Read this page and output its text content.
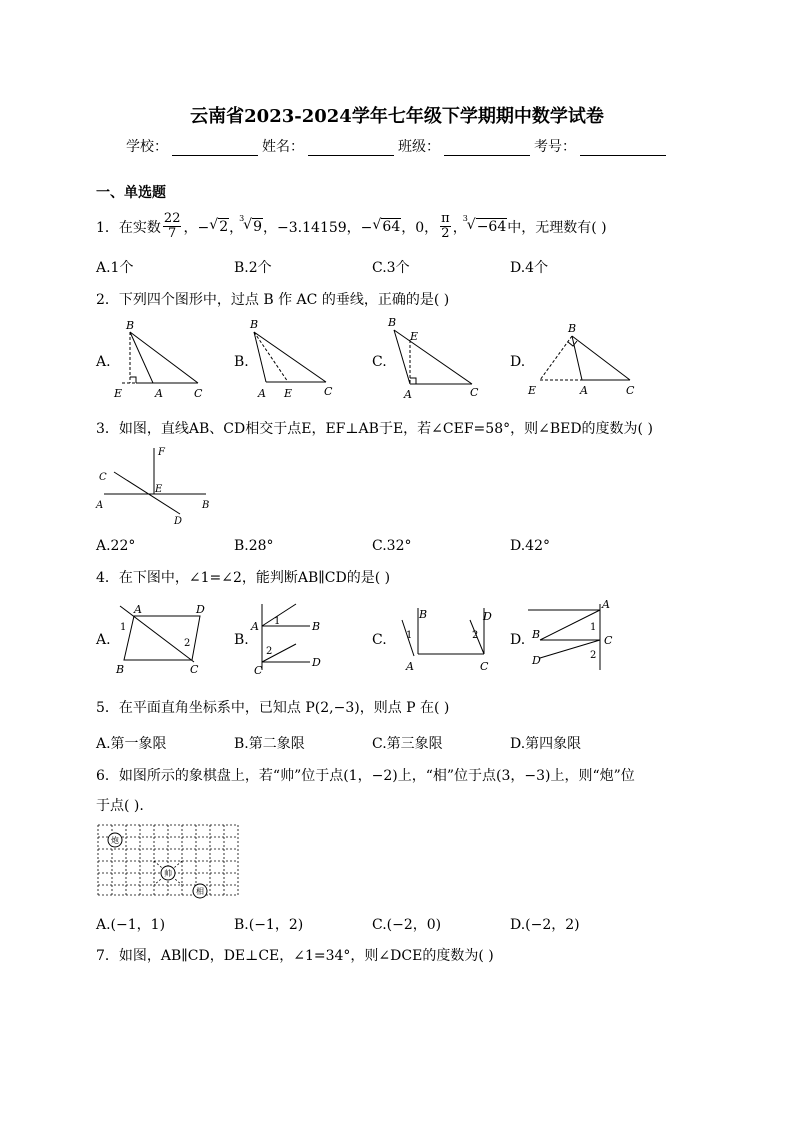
云南省2023-2024学年七年级下学期期中数学试卷
学校：	姓名：	班级：	考号：
一、单选题
1．在实数 $\frac{22}{7}$ ，− √ 2 ，
3
√ 9 ，−3.14159，− √ 64 ，0， $\frac{\pi}{2}$ ，
3
√ −64 中，无理数有( )
A.1个	B.2个	C.3个	D.4个
2．下列四个图形中，过点 B 作 AC 的垂线，正确的是( )
A.	B.	C.	D.
B
E	A	C
B
A E	C
B
E
A	C
B
E	A	C
3．如图，直线AB、CD相交于点E，EF⊥AB于E，若∠CEF=58°，则∠BED的度数为( )
F
C
E
A	B
D
A.22°	B.28°	C.32°	D.42°
4．在下图中，∠1=∠2，能判断AB∥CD的是( )
A.	B.	C.	D.
A	D
B	C
1
2
A	B
C
D
1
2
B	D
A	C
1	2
A
B	C
D
1
2
5．在平面直角坐标系中，已知点 P(2,−3)，则点 P 在( )
A.第一象限	B.第二象限	C.第三象限	D.第四象限
6．如图所示的象棋盘上，若“帅”位于点(1，−2)上，“相”位于点(3，−3)上，则“炮”位
于点( ).
炮
帅
相
A.(−1，1)	B.(−1，2)	C.(−2，0)	D.(−2，2)
7．如图，AB∥CD，DE⊥CE，∠1=34°，则∠DCE的度数为( )
